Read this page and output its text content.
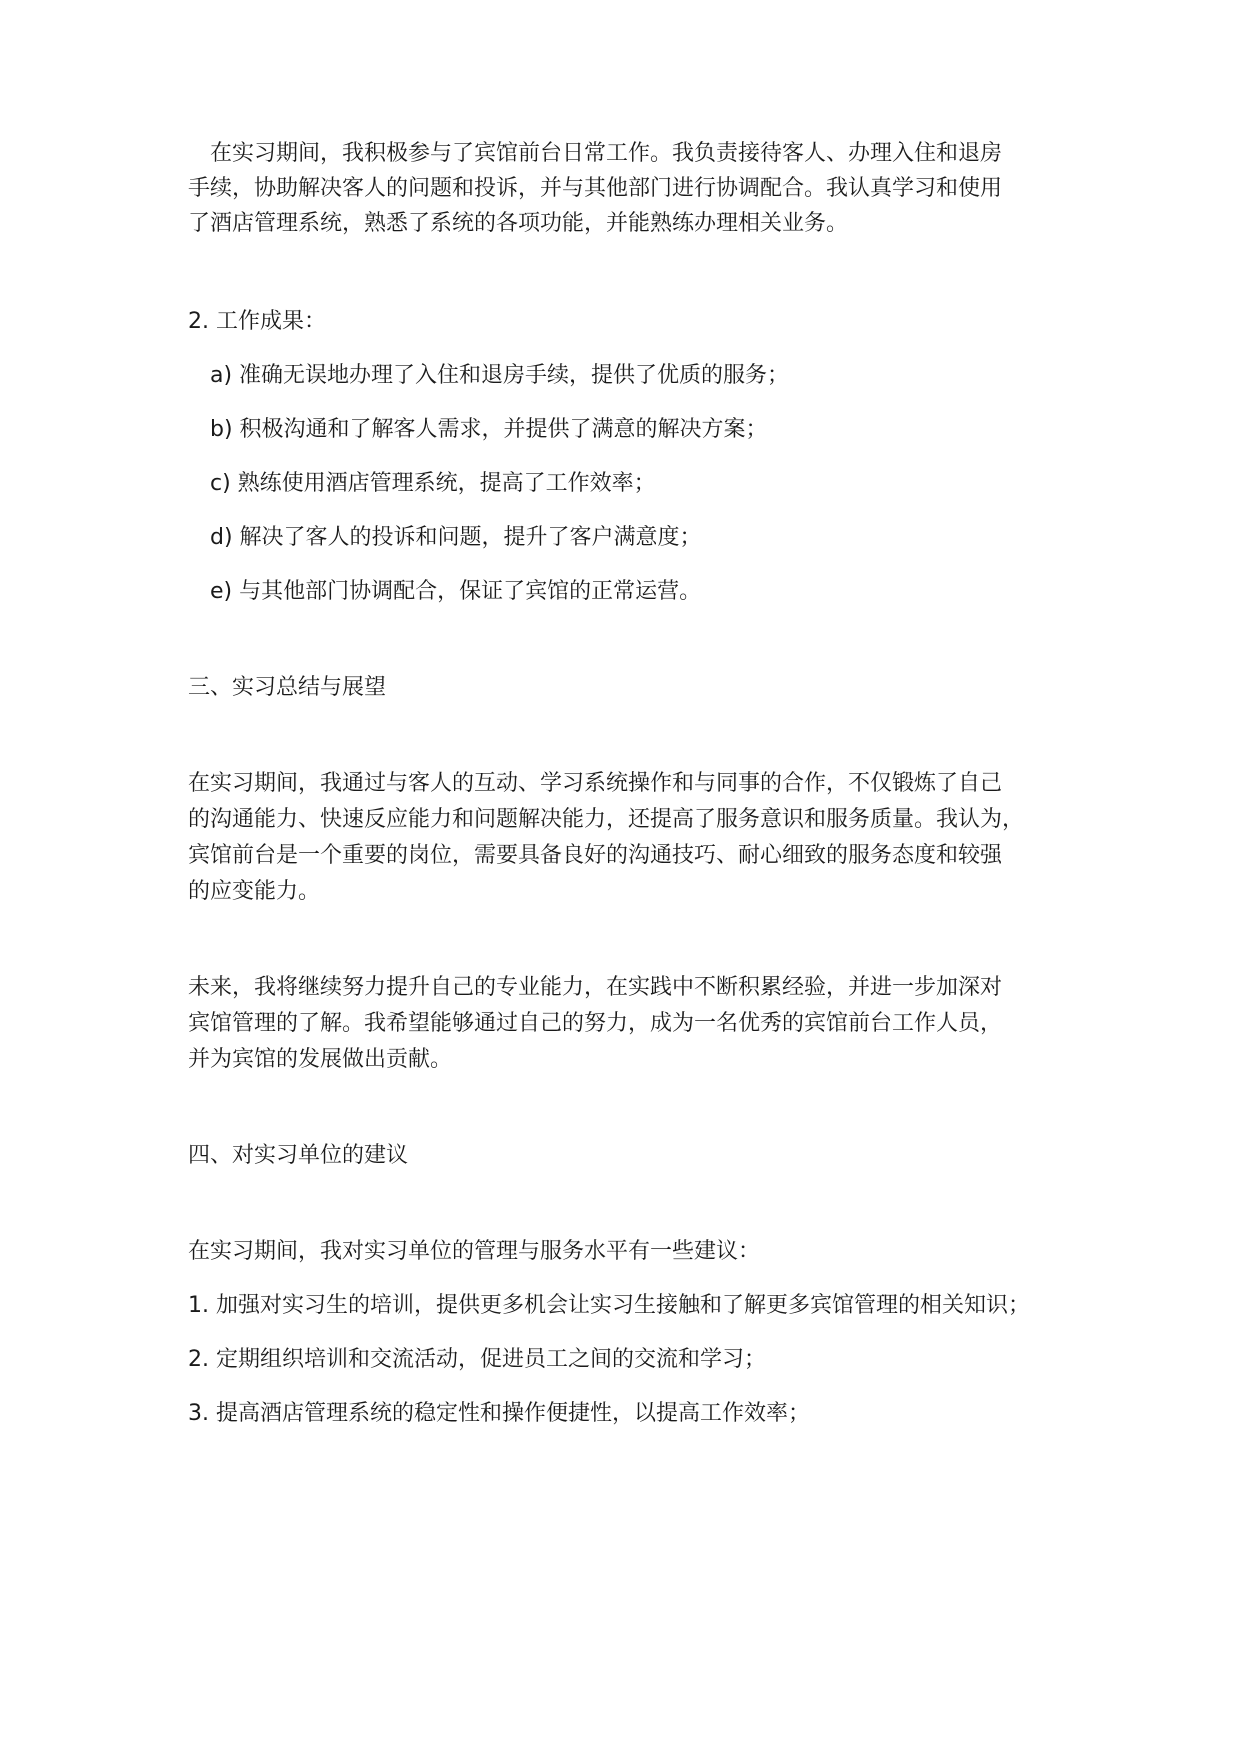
在实习期间，我积极参与了宾馆前台日常工作。我负责接待客人、办理入住和退房

手续，协助解决客人的问题和投诉，并与其他部门进行协调配合。我认真学习和使用

了酒店管理系统，熟悉了系统的各项功能，并能熟练办理相关业务。

2. 工作成果：

a) 准确无误地办理了入住和退房手续，提供了优质的服务；

b) 积极沟通和了解客人需求，并提供了满意的解决方案；

c) 熟练使用酒店管理系统，提高了工作效率；

d) 解决了客人的投诉和问题，提升了客户满意度；

e) 与其他部门协调配合，保证了宾馆的正常运营。

三、实习总结与展望

在实习期间，我通过与客人的互动、学习系统操作和与同事的合作，不仅锻炼了自己

的沟通能力、快速反应能力和问题解决能力，还提高了服务意识和服务质量。我认为，

宾馆前台是一个重要的岗位，需要具备良好的沟通技巧、耐心细致的服务态度和较强

的应变能力。

未来，我将继续努力提升自己的专业能力，在实践中不断积累经验，并进一步加深对

宾馆管理的了解。我希望能够通过自己的努力，成为一名优秀的宾馆前台工作人员，

并为宾馆的发展做出贡献。

四、对实习单位的建议

在实习期间，我对实习单位的管理与服务水平有一些建议：

1. 加强对实习生的培训，提供更多机会让实习生接触和了解更多宾馆管理的相关知识；

2. 定期组织培训和交流活动，促进员工之间的交流和学习；

3. 提高酒店管理系统的稳定性和操作便捷性，以提高工作效率；
